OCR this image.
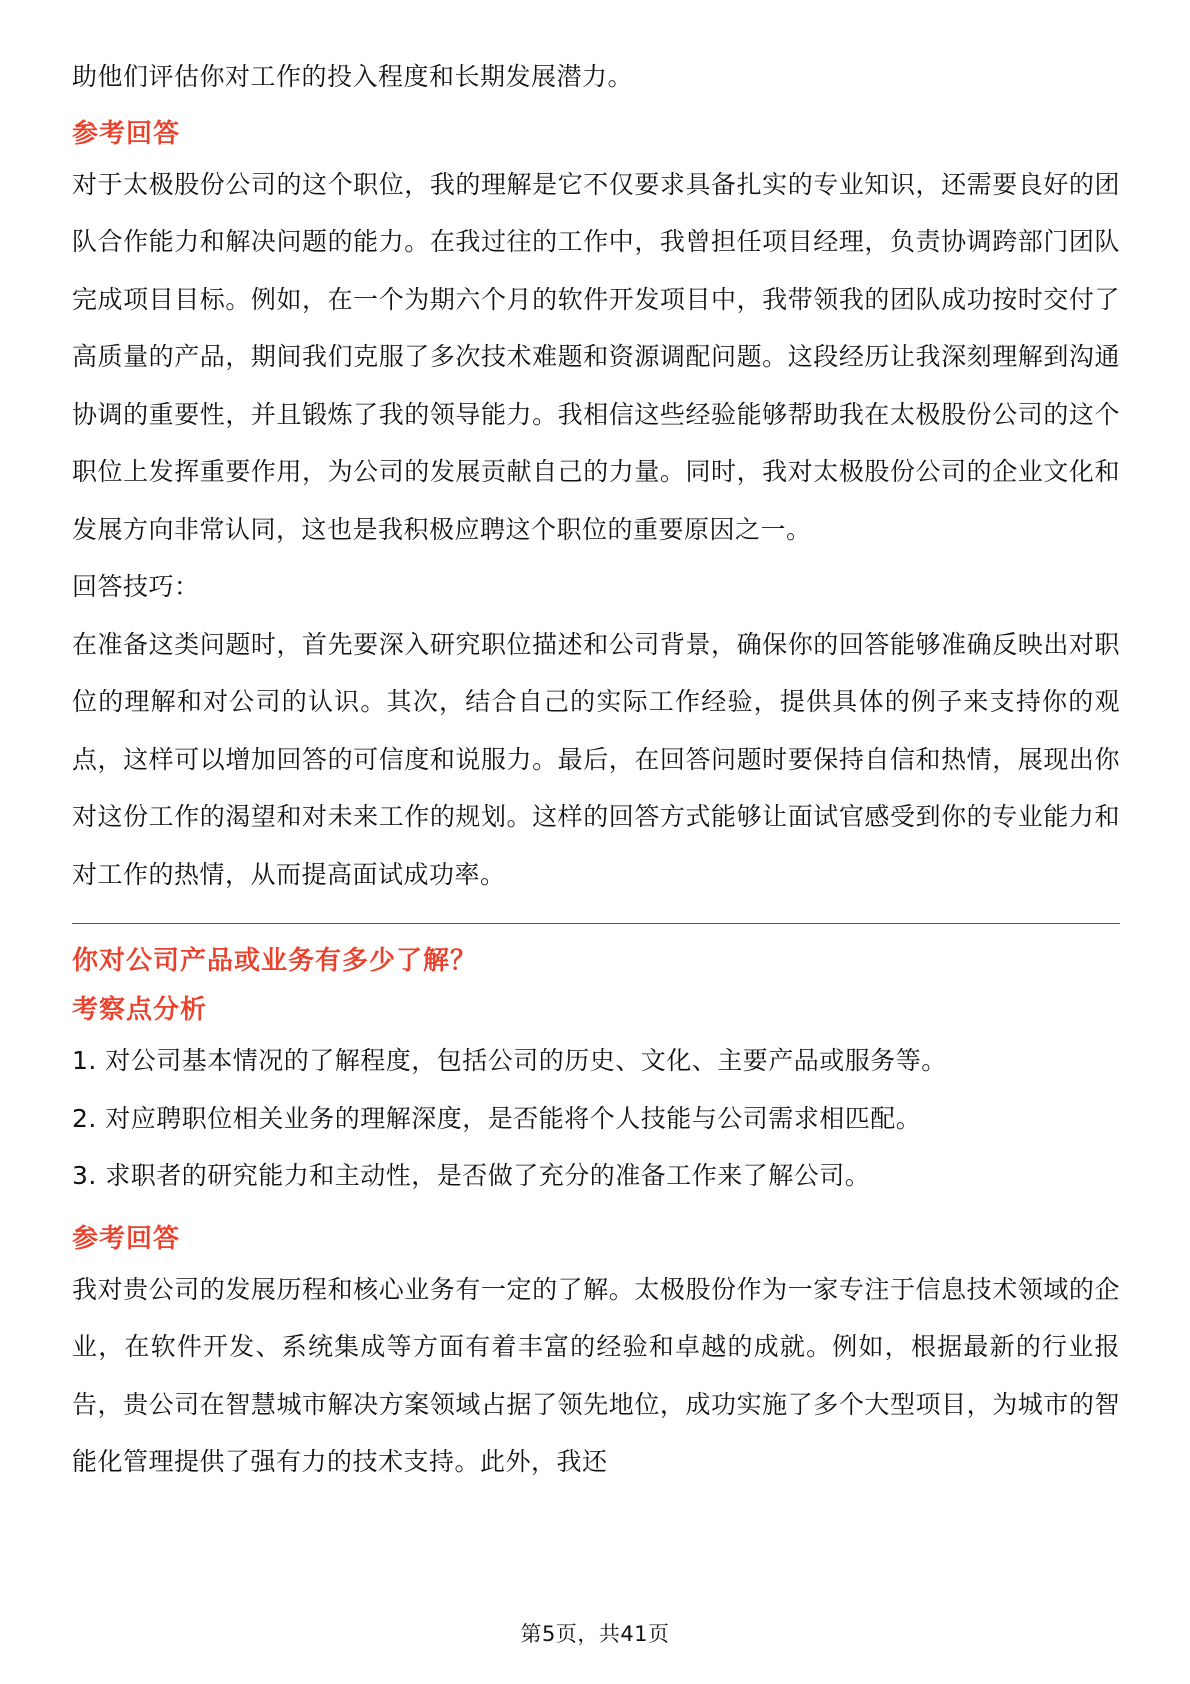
助他们评估你对工作的投入程度和长期发展潜力。

参考回答

对于太极股份公司的这个职位，我的理解是它不仅要求具备扎实的专业知识，还需要良好的团队合作能力和解决问题的能力。在我过往的工作中，我曾担任项目经理，负责协调跨部门团队完成项目目标。例如，在一个为期六个月的软件开发项目中，我带领我的团队成功按时交付了高质量的产品，期间我们克服了多次技术难题和资源调配问题。这段经历让我深刻理解到沟通协调的重要性，并且锻炼了我的领导能力。我相信这些经验能够帮助我在太极股份公司的这个职位上发挥重要作用，为公司的发展贡献自己的力量。同时，我对太极股份公司的企业文化和发展方向非常认同，这也是我积极应聘这个职位的重要原因之一。

回答技巧：

在准备这类问题时，首先要深入研究职位描述和公司背景，确保你的回答能够准确反映出对职位的理解和对公司的认识。其次，结合自己的实际工作经验，提供具体的例子来支持你的观点，这样可以增加回答的可信度和说服力。最后，在回答问题时要保持自信和热情，展现出你对这份工作的渴望和对未来工作的规划。这样的回答方式能够让面试官感受到你的专业能力和对工作的热情，从而提高面试成功率。

你对公司产品或业务有多少了解？
考察点分析
1. 对公司基本情况的了解程度，包括公司的历史、文化、主要产品或服务等。
2. 对应聘职位相关业务的理解深度，是否能将个人技能与公司需求相匹配。
3. 求职者的研究能力和主动性，是否做了充分的准备工作来了解公司。
参考回答

我对贵公司的发展历程和核心业务有一定的了解。太极股份作为一家专注于信息技术领域的企业，在软件开发、系统集成等方面有着丰富的经验和卓越的成就。例如，根据最新的行业报告，贵公司在智慧城市解决方案领域占据了领先地位，成功实施了多个大型项目，为城市的智能化管理提供了强有力的技术支持。此外，我还

第5页，共41页
